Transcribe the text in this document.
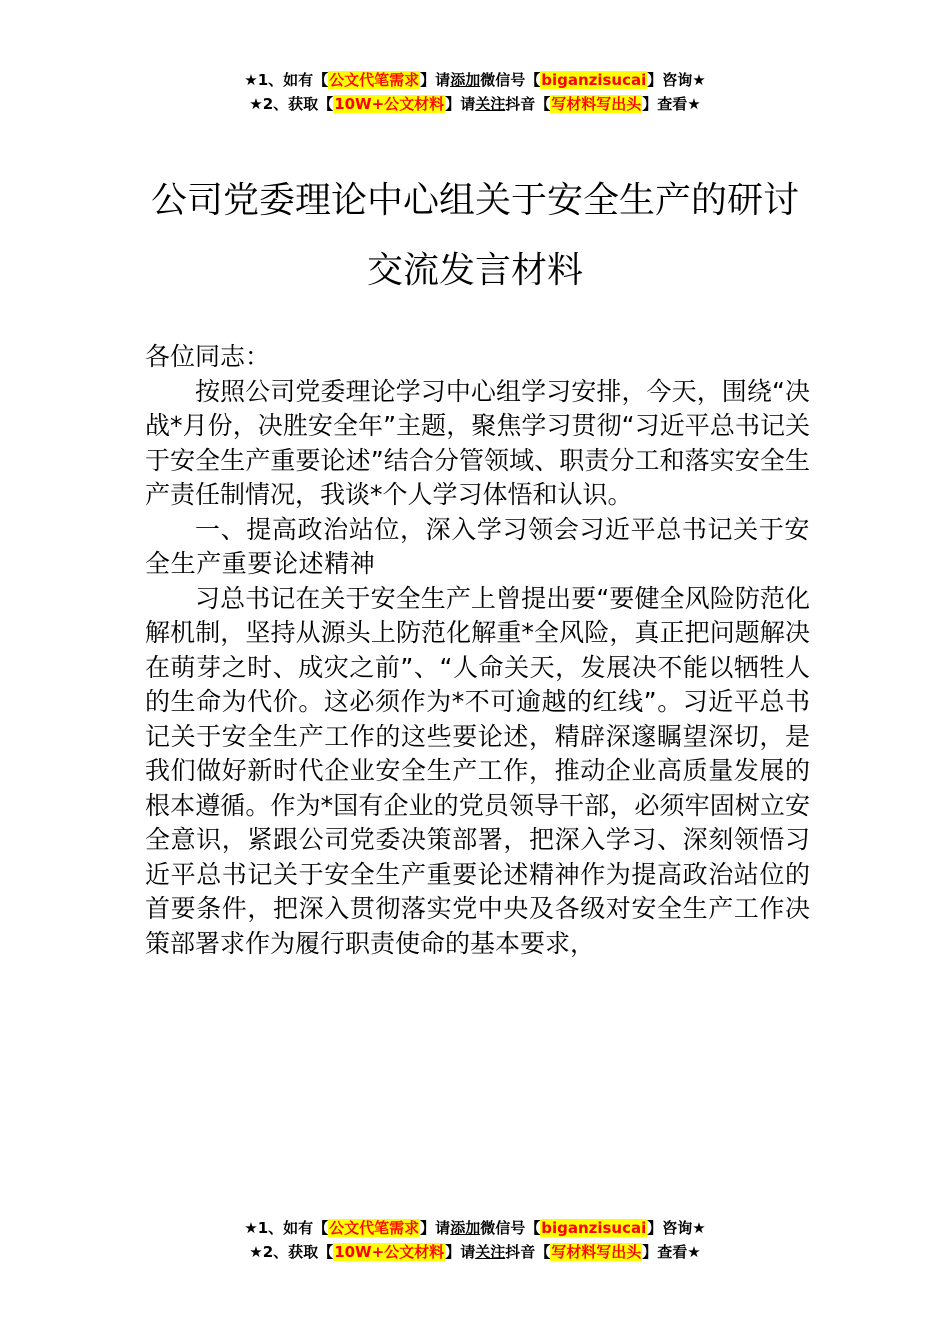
★1、如有【公文代笔需求】请添加微信号【biganzisucai】咨询★
★2、获取【10W+公文材料】请关注抖音【写材料写出头】查看★
公司党委理论中心组关于安全生产的研讨
交流发言材料

各位同志：

按照公司党委理论学习中心组学习安排，今天，围绕“决战*月份，决胜安全年”主题，聚焦学习贯彻“习近平总书记关于安全生产重要论述”结合分管领域、职责分工和落实安全生产责任制情况，我谈*个人学习体悟和认识。

一、提高政治站位，深入学习领会习近平总书记关于安全生产重要论述精神

习总书记在关于安全生产上曾提出要“要健全风险防范化解机制，坚持从源头上防范化解重*全风险，真正把问题解决在萌芽之时、成灾之前”、“人命关天，发展决不能以牺牲人的生命为代价。这必须作为*不可逾越的红线”。习近平总书记关于安全生产工作的这些要论述，精辟深邃瞩望深切，是我们做好新时代企业安全生产工作，推动企业高质量发展的根本遵循。作为*国有企业的党员领导干部，必须牢固树立安全意识，紧跟公司党委决策部署，把深入学习、深刻领悟习近平总书记关于安全生产重要论述精神作为提高政治站位的首要条件，把深入贯彻落实党中央及各级对安全生产工作决策部署求作为履行职责使命的基本要求，

★1、如有【公文代笔需求】请添加微信号【biganzisucai】咨询★
★2、获取【10W+公文材料】请关注抖音【写材料写出头】查看★
